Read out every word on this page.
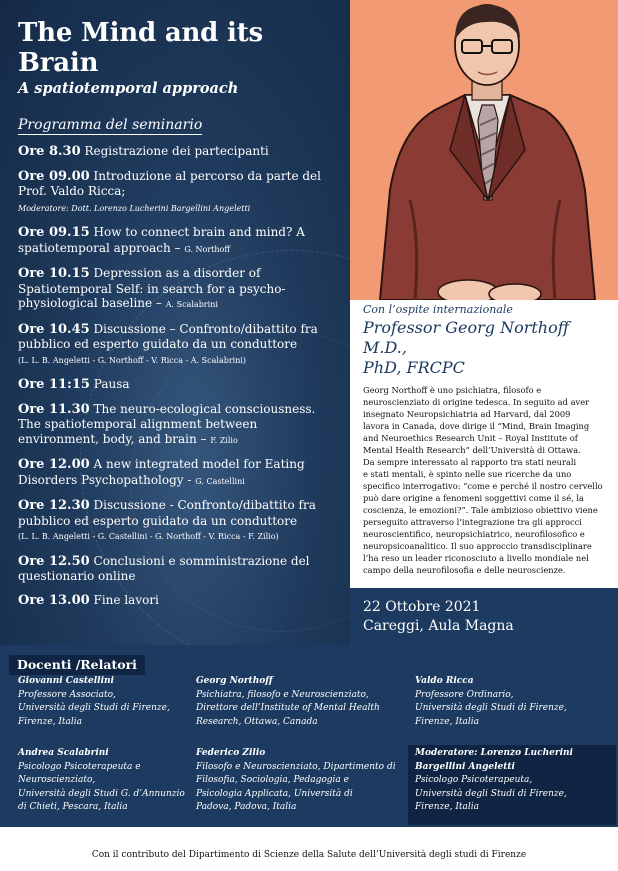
The Mind and its Brain
A spatiotemporal approach
Programma del seminario
Ore 8.30 Registrazione dei partecipanti
Ore 09.00 Introduzione al percorso da parte del Prof. Valdo Ricca;
Moderatore: Dott. Lorenzo Lucherini Bargellini Angeletti
Ore 09.15 How to connect brain and mind? A spatiotemporal approach – G. Northoff
Ore 10.15 Depression as a disorder of Spatiotemporal Self: in search for a psycho-physiological baseline – A. Scalabrini
Ore 10.45 Discussione – Confronto/dibattito fra pubblico ed esperto guidato da un conduttore
(L. L. B. Angeletti - G. Northoff - V. Ricca - A. Scalabrini)
Ore 11:15 Pausa
Ore 11.30 The neuro-ecological consciousness. The spatiotemporal alignment between environment, body, and brain – F. Zilio
Ore 12.00 A new integrated model for Eating Disorders Psychopathology - G. Castellini
Ore 12.30 Discussione - Confronto/dibattito fra pubblico ed esperto guidato da un conduttore
(L. L. B. Angeletti - G. Castellini - G. Northoff - V. Ricca - F. Zilio)
Ore 12.50 Conclusioni e somministrazione del questionario online
Ore 13.00 Fine lavori
Con l’ospite internazionale
Professor Georg Northoff M.D.,
PhD, FRCPC
Georg Northoff è uno psichiatra, filosofo e
neuroscienziato di origine tedesca. In seguito ad aver
insegnato Neuropsichiatria ad Harvard, dal 2009
lavora in Canada, dove dirige il “Mind, Brain Imaging
and Neuroethics Research Unit – Royal Institute of
Mental Health Research” dell’Università di Ottawa.
Da sempre interessato al rapporto tra stati neurali
e stati mentali, è spinto nelle sue ricerche da uno
specifico interrogativo: “come e perché il nostro cervello
può dare origine a fenomeni soggettivi come il sé, la
coscienza, le emozioni?”. Tale ambizioso obiettivo viene
perseguito attraverso l’integrazione tra gli approcci
neuroscientifico, neuropsichiatrico, neurofilosofico e
neuropsicoanalitico. Il suo approccio transdisciplinare
l’ha reso un leader riconosciuto a livello mondiale nel
campo della neurofilosofia e delle neuroscienze.
22 Ottobre 2021
Careggi, Aula Magna
Docenti /Relatori
Giovanni Castellini
Professore Associato,
Università degli Studi di Firenze,
Firenze, Italia
Georg Northoff
Psichiatra, filosofo e Neuroscienziato,
Direttore dell’Institute of Mental Health
Research, Ottawa, Canada
Valdo Ricca
Professore Ordinario,
Università degli Studi di Firenze,
Firenze, Italia
Andrea Scalabrini
Psicologo Psicoterapeuta e
Neuroscienziato,
Università degli Studi G. d’Annunzio
di Chieti, Pescara, Italia
Federico Zilio
Filosofo e Neuroscienziato, Dipartimento di
Filosofia, Sociologia, Pedagogia e
Psicologia Applicata, Università di
Padova, Padova, Italia
Moderatore: Lorenzo Lucherini Bargellini Angeletti
Psicologo Psicoterapeuta,
Università degli Studi di Firenze,
Firenze, Italia
Con il contributo del Dipartimento di Scienze della Salute dell’Università degli studi di Firenze
